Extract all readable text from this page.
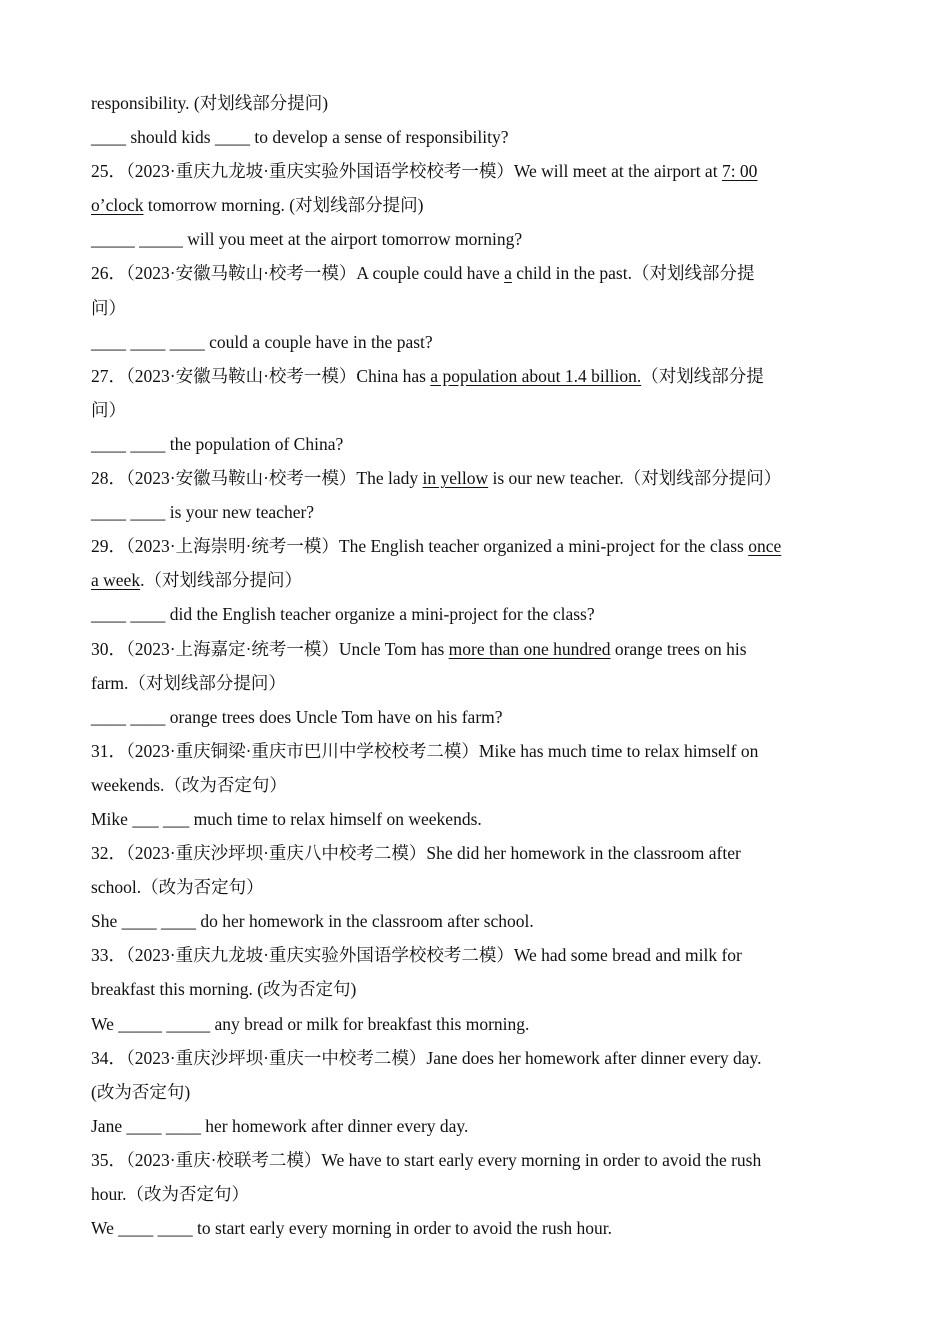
responsibility. (对划线部分提问)
____ should kids ____ to develop a sense of responsibility?
25．（2023·重庆九龙坡·重庆实验外国语学校校考一模）We will meet at the airport at 7: 00
o’clock tomorrow morning. (对划线部分提问)
_____ _____ will you meet at the airport tomorrow morning?
26．（2023·安徽马鞍山·校考一模）A couple could have a child in the past.（对划线部分提
问）
____ ____ ____ could a couple have in the past?
27．（2023·安徽马鞍山·校考一模）China has a population about 1.4 billion.（对划线部分提
问）
____ ____ the population of China?
28．（2023·安徽马鞍山·校考一模）The lady in yellow is our new teacher.（对划线部分提问）
____ ____ is your new teacher?
29．（2023·上海崇明·统考一模）The English teacher organized a mini-project for the class once
a week.（对划线部分提问）
____ ____ did the English teacher organize a mini-project for the class?
30．（2023·上海嘉定·统考一模）Uncle Tom has more than one hundred orange trees on his
farm.（对划线部分提问）
____ ____ orange trees does Uncle Tom have on his farm?
31．（2023·重庆铜梁·重庆市巴川中学校校考二模）Mike has much time to relax himself on
weekends.（改为否定句）
Mike ___ ___ much time to relax himself on weekends.
32．（2023·重庆沙坪坝·重庆八中校考二模）She did her homework in the classroom after
school.（改为否定句）
She ____ ____ do her homework in the classroom after school.
33．（2023·重庆九龙坡·重庆实验外国语学校校考二模）We had some bread and milk for
breakfast this morning. (改为否定句)
We _____ _____ any bread or milk for breakfast this morning.
34．（2023·重庆沙坪坝·重庆一中校考二模）Jane does her homework after dinner every day.
(改为否定句)
Jane ____ ____ her homework after dinner every day.
35．（2023·重庆·校联考二模）We have to start early every morning in order to avoid the rush
hour.（改为否定句）
We ____ ____ to start early every morning in order to avoid the rush hour.
